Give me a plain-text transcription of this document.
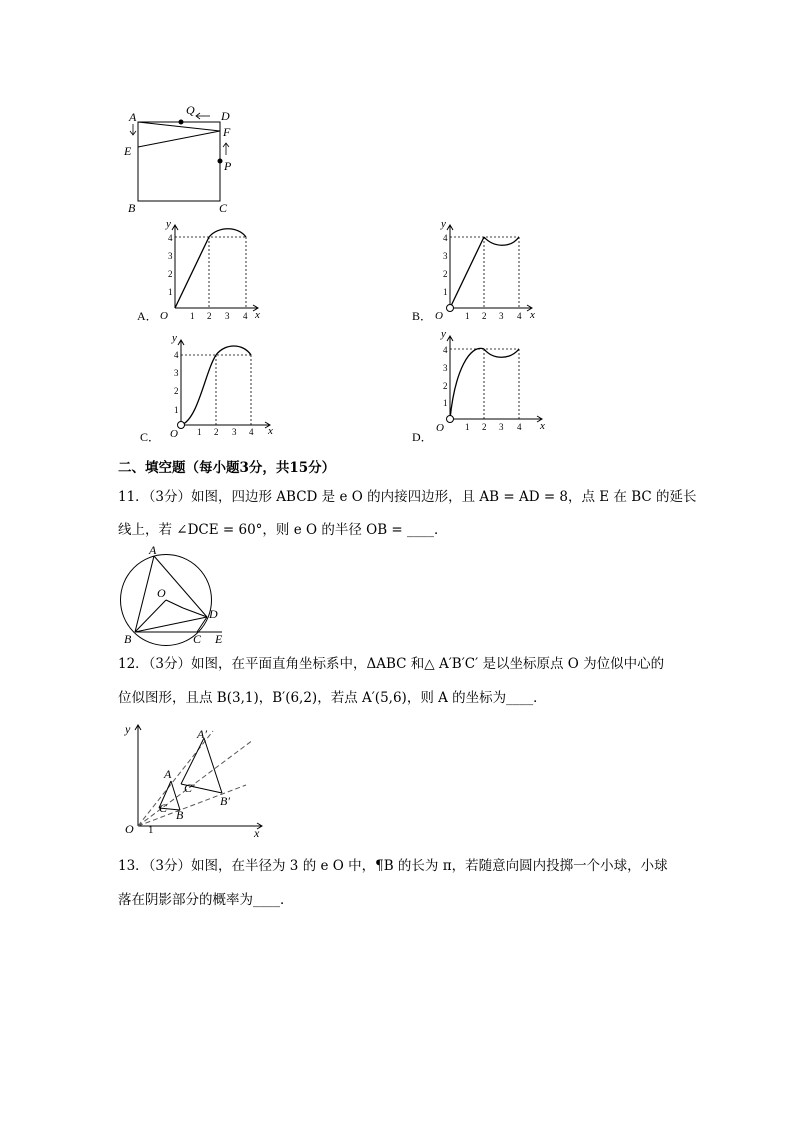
A	Q D
F
E
P
B	C
y
x
O
A．	1 2 3 4
1
2
3
4
y
x
O
B．	1 2 3 4
1
2
3
4
y
x
O
C．	1 2 3 4
1
2
3
4
y
x
O
D．
1 2 3 4
1
2
3
4
二、填空题（每小题3分，共15分）
11．（3分）如图，四边形 ABCD 是 e O 的内接四边形，且 AB = AD = 8，点 E 在 BC 的延长
线上，若 ∠DCE = 60°，则 e O 的半径 OB = ____．
A
O
D
B	C E
12．（3分）如图，在平面直角坐标系中，ΔABC 和△ A′B′C′ 是以坐标原点 O 为位似中心的
位似图形，且点 B(3,1)，B′(6,2)，若点 A′(5,6)，则 A 的坐标为____．
y
x
O 1
A
C B
A′
C′
B′
13．（3分）如图，在半径为 3 的 e O 中，¶B 的长为 π，若随意向圆内投掷一个小球，小球
落在阴影部分的概率为____．
